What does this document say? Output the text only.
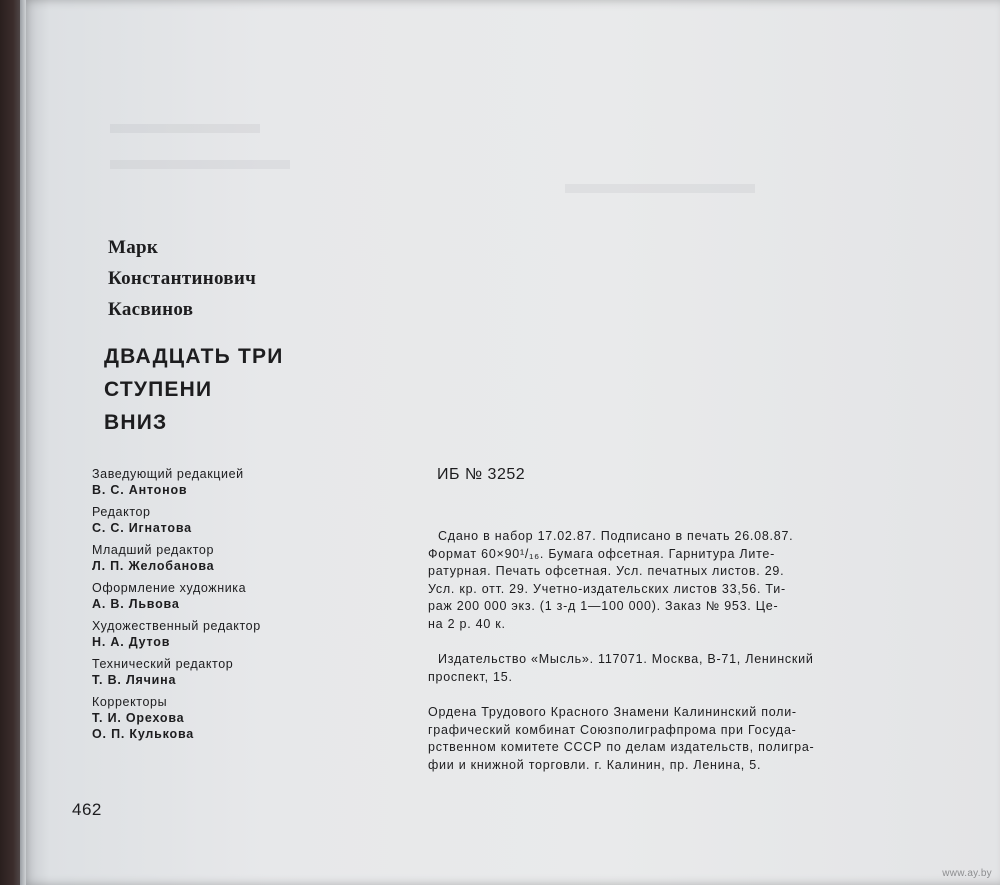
Марк
Константинович
Касвинов
ДВАДЦАТЬ ТРИ
СТУПЕНИ
ВНИЗ
Заведующий редакцией
В. С. Антонов
Редактор
С. С. Игнатова
Младший редактор
Л. П. Желобанова
Оформление художника
А. В. Львова
Художественный редактор
Н. А. Дутов
Технический редактор
Т. В. Лячина
Корректоры
Т. И. Орехова
О. П. Кулькова
462
ИБ № 3252
Сдано в набор 17.02.87. Подписано в печать 26.08.87.
Формат 60×90¹/₁₆. Бумага офсетная. Гарнитура Лите-
ратурная. Печать офсетная. Усл. печатных листов. 29.
Усл. кр. отт. 29. Учетно-издательских листов 33,56. Ти-
раж 200 000 экз. (1 з-д 1—100 000). Заказ № 953. Це-
на 2 р. 40 к.
Издательство «Мысль». 117071. Москва, В-71, Ленинский
проспект, 15.
Ордена Трудового Красного Знамени Калининский поли-
графический комбинат Союзполиграфпрома при Госуда-
рственном комитете СССР по делам издательств, полигра-
фии и книжной торговли. г. Калинин, пр. Ленина, 5.
www.ay.by
